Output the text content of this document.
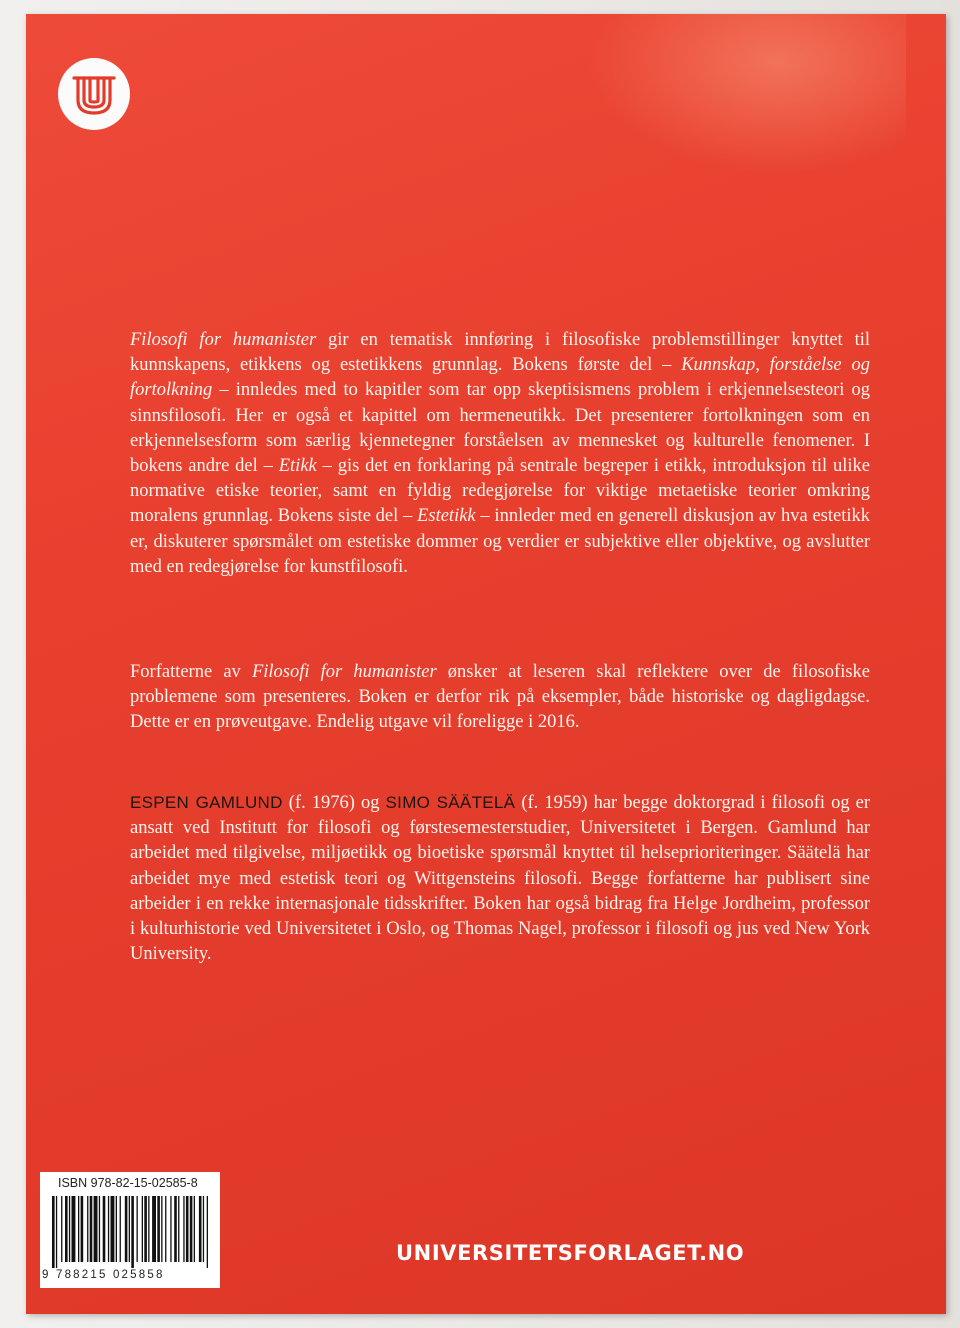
Filosofi for humanister gir en tematisk innføring i filosofiske problemstillinger knyttet til kunnskapens, etikkens og estetikkens grunnlag. Bokens første del – Kunnskap, forståelse og fortolkning – innledes med to kapitler som tar opp skeptisismens problem i erkjennelsesteori og sinnsfilosofi. Her er også et kapittel om hermeneutikk. Det presenterer fortolkningen som en erkjennelsesform som særlig kjennetegner forståelsen av mennesket og kulturelle fenomener. I bokens andre del – Etikk – gis det en forklaring på sentrale begreper i etikk, introduksjon til ulike normative etiske teorier, samt en fyldig redegjørelse for viktige metaetiske teorier omkring moralens grunnlag. Bokens siste del – Estetikk – innleder med en generell diskusjon av hva estetikk er, diskuterer spørsmålet om estetiske dommer og verdier er subjektive eller objektive, og avslutter med en redegjørelse for kunstfilosofi.
Forfatterne av Filosofi for humanister ønsker at leseren skal reflektere over de filosofiske problemene som presenteres. Boken er derfor rik på eksempler, både historiske og dagligdagse. Dette er en prøveutgave. Endelig utgave vil foreligge i 2016.
ESPEN GAMLUND (f. 1976) og SIMO SÄÄTELÄ (f. 1959) har begge doktorgrad i filosofi og er ansatt ved Institutt for filosofi og førstesemesterstudier, Universitetet i Bergen. Gamlund har arbeidet med tilgivelse, miljøetikk og bioetiske spørsmål knyttet til helseprioriteringer. Säätelä har arbeidet mye med estetisk teori og Wittgensteins filosofi. Begge forfatterne har publisert sine arbeider i en rekke internasjonale tidsskrifter. Boken har også bidrag fra Helge Jordheim, professor i kulturhistorie ved Universitetet i Oslo, og Thomas Nagel, professor i filosofi og jus ved New York University.
ISBN 978-82-15-02585-8
9 788215 025858
UNIVERSITETSFORLAGET.NO
